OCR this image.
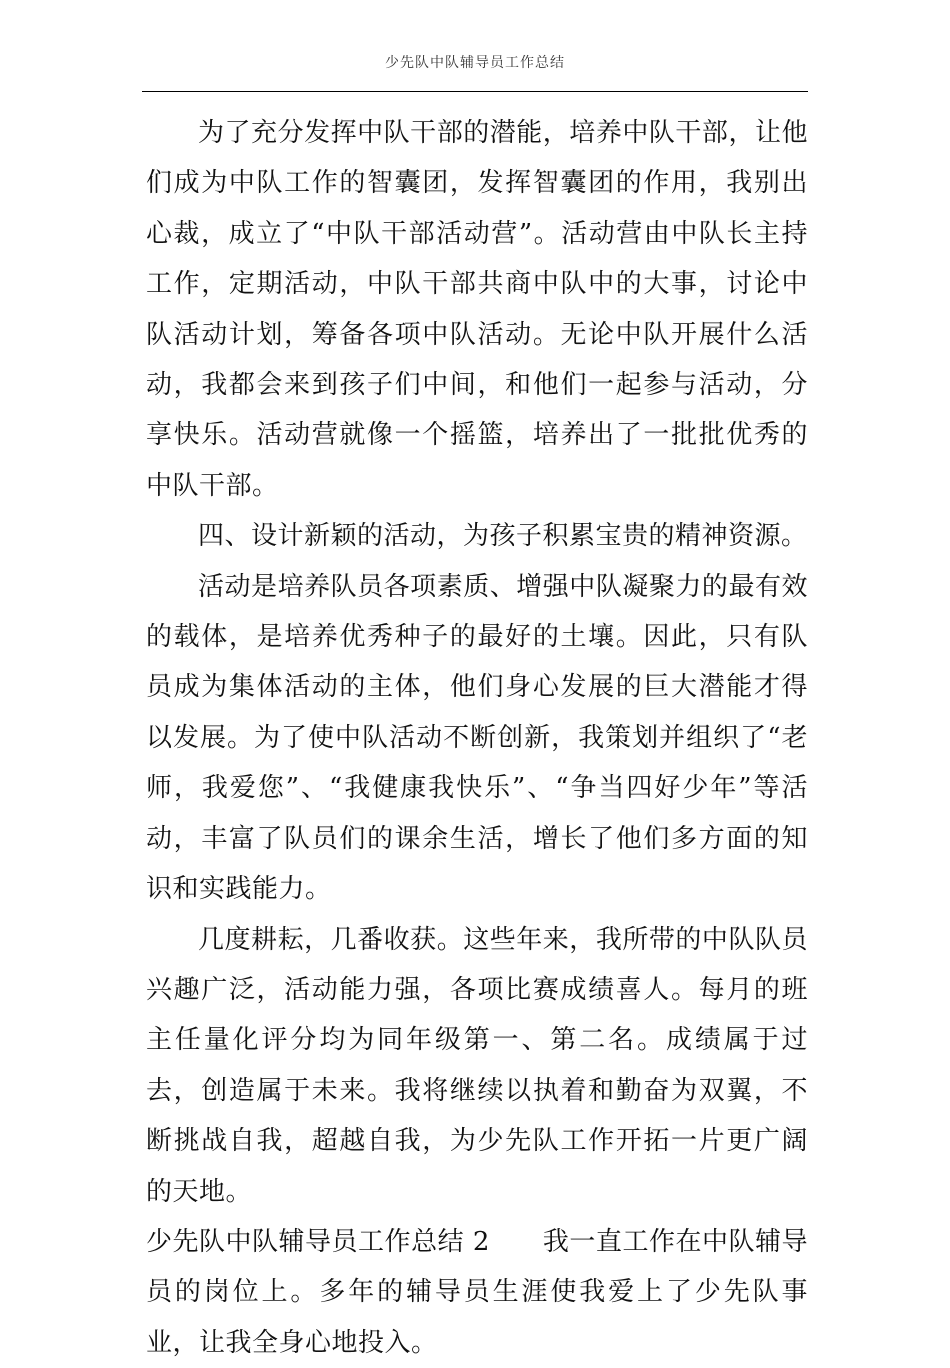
少先队中队辅导员工作总结

为了充分发挥中队干部的潜能，培养中队干部，让他们成为中队工作的智囊团，发挥智囊团的作用，我别出心裁，成立了“中队干部活动营”。活动营由中队长主持工作，定期活动，中队干部共商中队中的大事，讨论中队活动计划，筹备各项中队活动。无论中队开展什么活动，我都会来到孩子们中间，和他们一起参与活动，分享快乐。活动营就像一个摇篮，培养出了一批批优秀的中队干部。

四、设计新颖的活动，为孩子积累宝贵的精神资源。

活动是培养队员各项素质、增强中队凝聚力的最有效的载体，是培养优秀种子的最好的土壤。因此，只有队员成为集体活动的主体，他们身心发展的巨大潜能才得以发展。为了使中队活动不断创新，我策划并组织了“老师，我爱您”、“我健康我快乐”、“争当四好少年”等活动，丰富了队员们的课余生活，增长了他们多方面的知识和实践能力。

几度耕耘，几番收获。这些年来，我所带的中队队员兴趣广泛，活动能力强，各项比赛成绩喜人。每月的班主任量化评分均为同年级第一、第二名。成绩属于过去，创造属于未来。我将继续以执着和勤奋为双翼，不断挑战自我，超越自我，为少先队工作开拓一片更广阔的天地。

少先队中队辅导员工作总结 2　　 我一直工作在中队辅导员的岗位上。多年的辅导员生涯使我爱上了少先队事业，让我全身心地投入。
